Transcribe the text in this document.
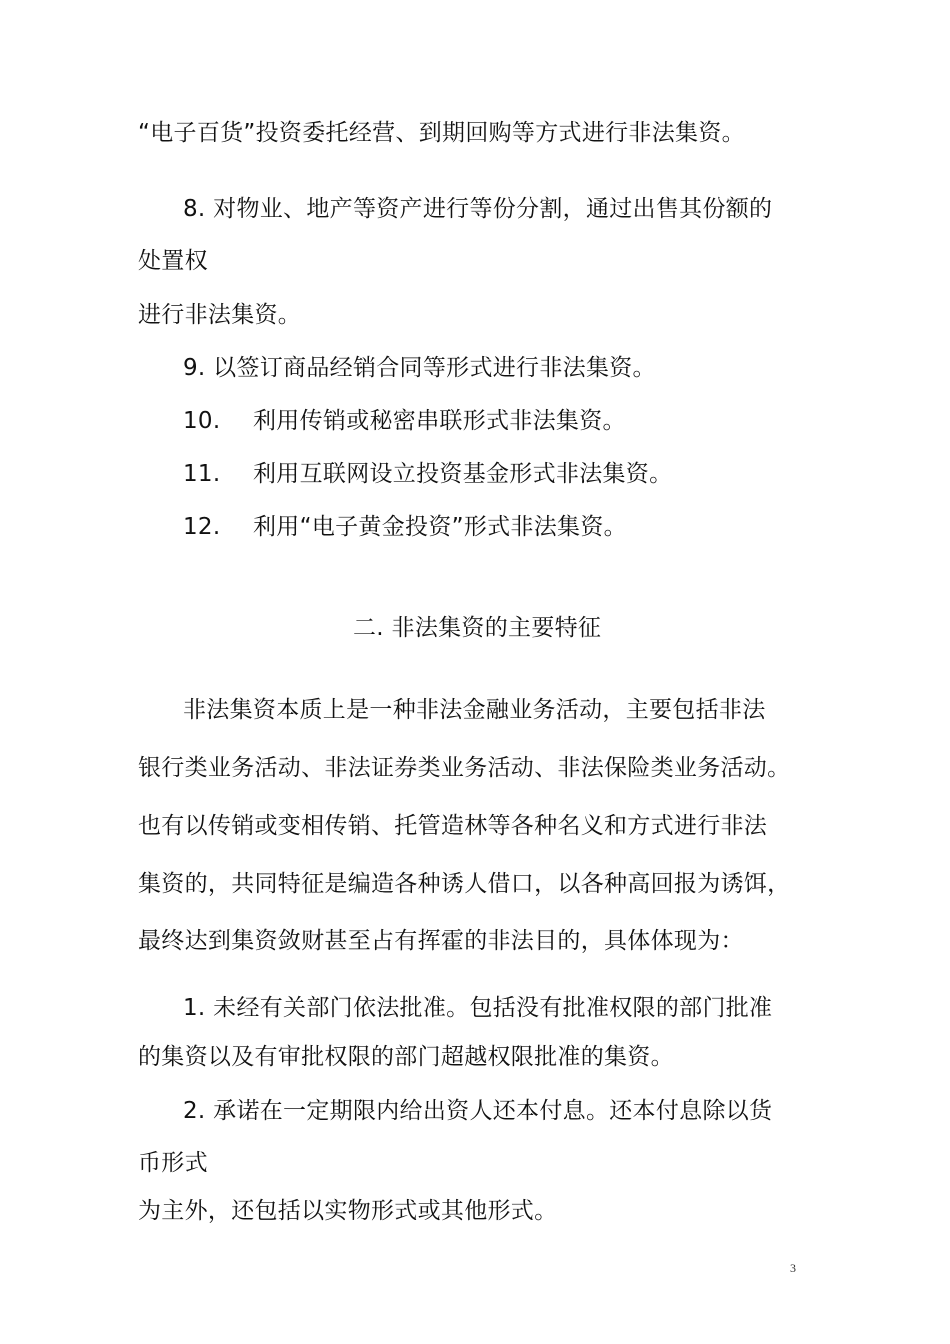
“电子百货”投资委托经营、到期回购等方式进行非法集资。
8. 对物业、地产等资产进行等份分割，通过出售其份额的
处置权
进行非法集资。
9. 以签订商品经销合同等形式进行非法集资。
10. 利用传销或秘密串联形式非法集资。
11. 利用互联网设立投资基金形式非法集资。
12. 利用“电子黄金投资”形式非法集资。
二. 非法集资的主要特征
非法集资本质上是一种非法金融业务活动，主要包括非法
银行类业务活动、非法证券类业务活动、非法保险类业务活动。
也有以传销或变相传销、托管造林等各种名义和方式进行非法
集资的，共同特征是编造各种诱人借口，以各种高回报为诱饵，
最终达到集资敛财甚至占有挥霍的非法目的，具体体现为：
1. 未经有关部门依法批准。包括没有批准权限的部门批准
的集资以及有审批权限的部门超越权限批准的集资。
2. 承诺在一定期限内给出资人还本付息。还本付息除以货
币形式
为主外，还包括以实物形式或其他形式。
3
